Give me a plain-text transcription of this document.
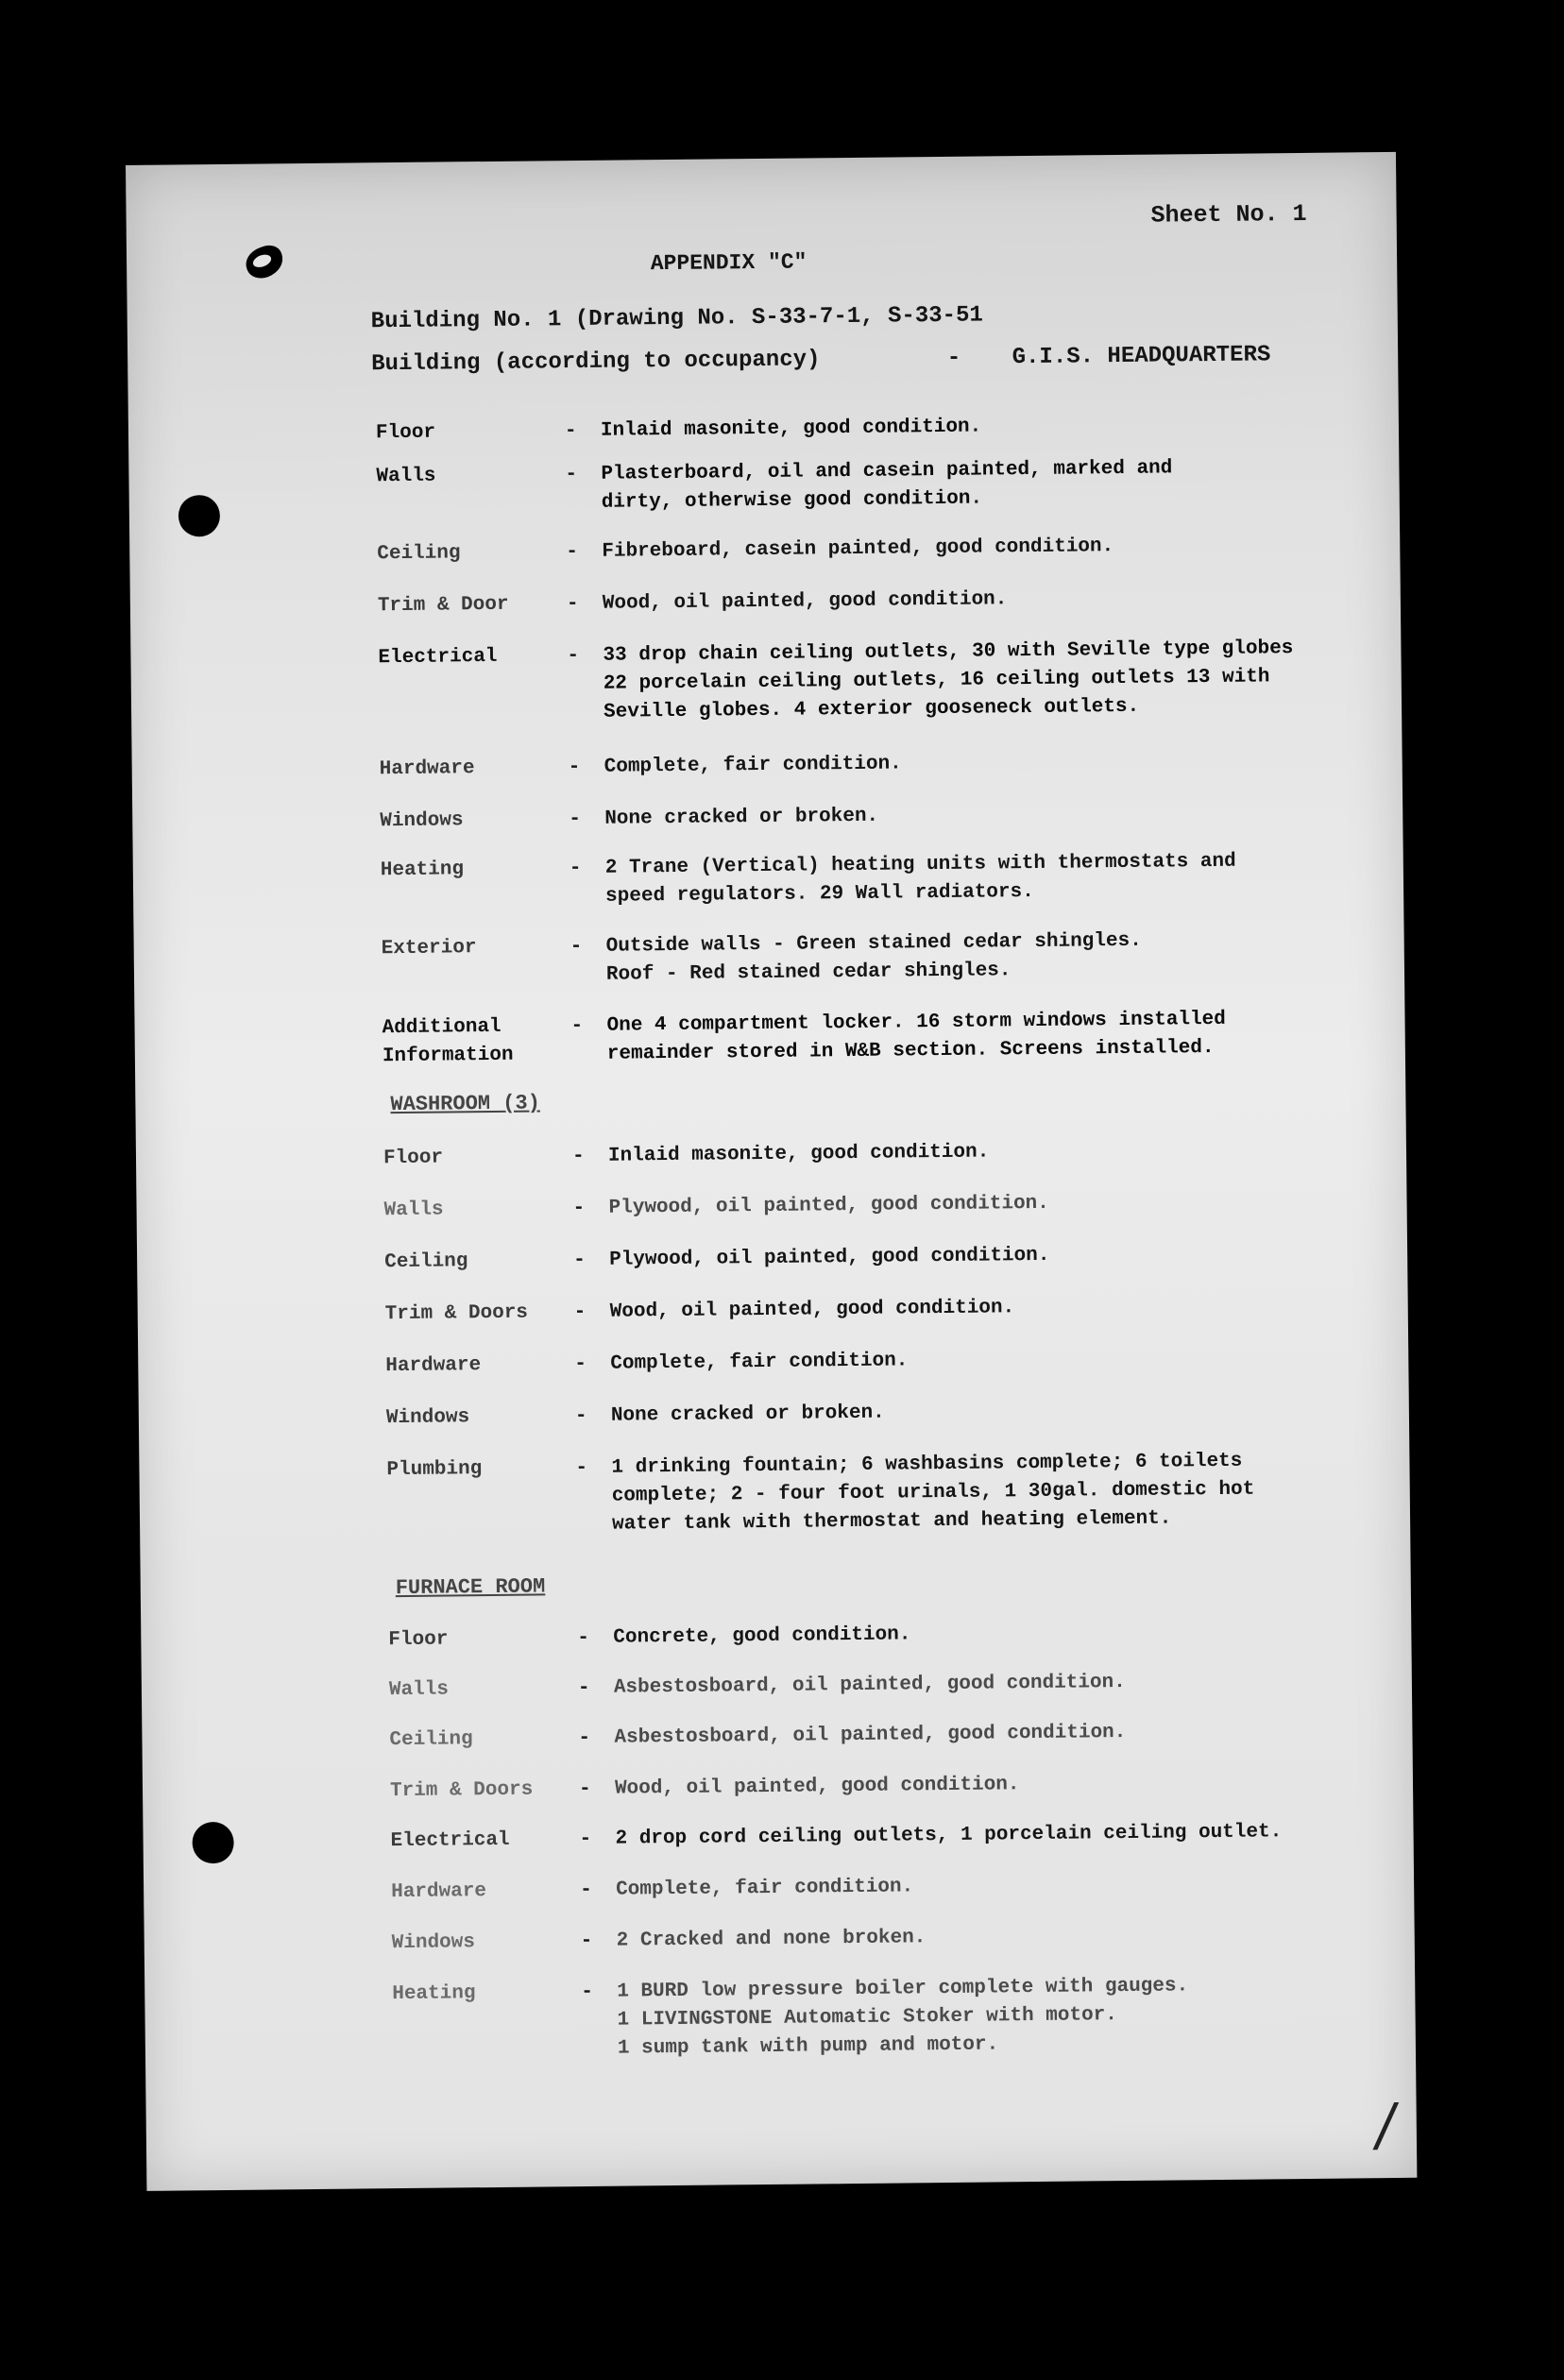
Sheet No. 1
APPENDIX "C"
Building No. 1 (Drawing No. S-33-7-1, S-33-51
Building (according to occupancy)	- G.I.S. HEADQUARTERS
Floor	- Inlaid masonite, good condition.
Walls	- Plasterboard, oil and casein painted, marked and
dirty, otherwise good condition.
Ceiling	- Fibreboard, casein painted, good condition.
Trim & Door	- Wood, oil painted, good condition.
Electrical	- 33 drop chain ceiling outlets, 30 with Seville type globes
22 porcelain ceiling outlets, 16 ceiling outlets 13 with
Seville globes. 4 exterior gooseneck outlets.
Hardware	- Complete, fair condition.
Windows	- None cracked or broken.
Heating	- 2 Trane (Vertical) heating units with thermostats and
speed regulators. 29 Wall radiators.
Exterior	- Outside walls - Green stained cedar shingles.
Roof - Red stained cedar shingles.
Additional
Information
- One 4 compartment locker. 16 storm windows installed
remainder stored in W&B section. Screens installed.
WASHROOM (3)
Floor	- Inlaid masonite, good condition.
Walls	- Plywood, oil painted, good condition.
Ceiling	- Plywood, oil painted, good condition.
Trim & Doors	- Wood, oil painted, good condition.
Hardware	- Complete, fair condition.
Windows	- None cracked or broken.
Plumbing	- 1 drinking fountain; 6 washbasins complete; 6 toilets
complete; 2 - four foot urinals, 1 30gal. domestic hot
water tank with thermostat and heating element.
FURNACE ROOM
Floor	- Concrete, good condition.
Walls	- Asbestosboard, oil painted, good condition.
Ceiling	- Asbestosboard, oil painted, good condition.
Trim & Doors	- Wood, oil painted, good condition.
Electrical	- 2 drop cord ceiling outlets, 1 porcelain ceiling outlet.
Hardware	- Complete, fair condition.
Windows	- 2 Cracked and none broken.
Heating	- 1 BURD low pressure boiler complete with gauges.
1 LIVINGSTONE Automatic Stoker with motor.
1 sump tank with pump and motor.
